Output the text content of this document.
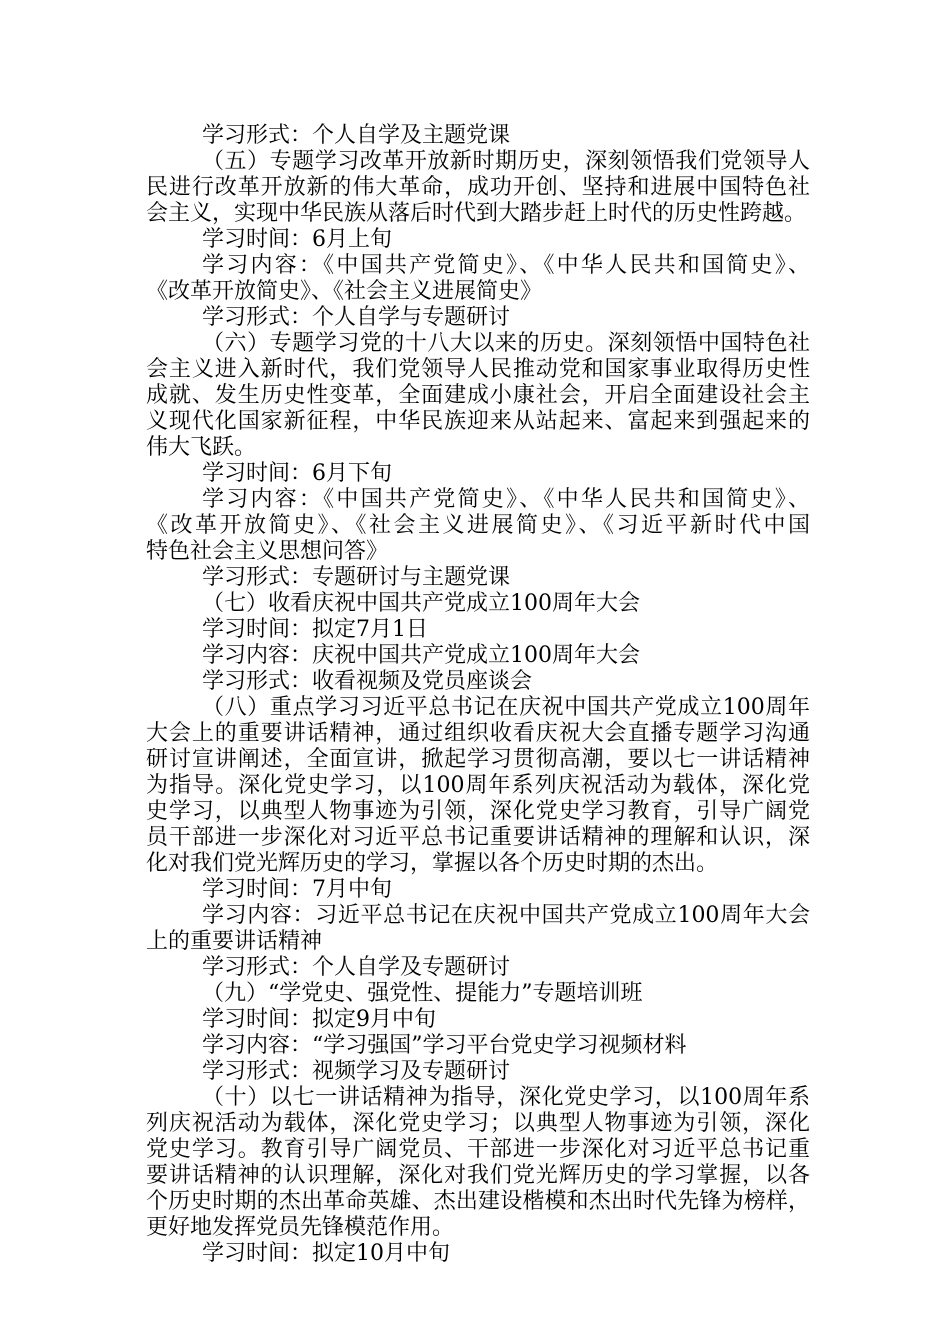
学习形式：个人自学及主题党课
（五）专题学习改革开放新时期历史，深刻领悟我们党领导人
民进行改革开放新的伟大革命，成功开创、坚持和进展中国特色社
会主义，实现中华民族从落后时代到大踏步赶上时代的历史性跨越。
学习时间：6月上旬
学习内容：《中国共产党简史》、《中华人民共和国简史》、
《改革开放简史》、《社会主义进展简史》
学习形式：个人自学与专题研讨
（六）专题学习党的十八大以来的历史。深刻领悟中国特色社
会主义进入新时代，我们党领导人民推动党和国家事业取得历史性
成就、发生历史性变革，全面建成小康社会，开启全面建设社会主
义现代化国家新征程，中华民族迎来从站起来、富起来到强起来的
伟大飞跃。
学习时间：6月下旬
学习内容：《中国共产党简史》、《中华人民共和国简史》、
《改革开放简史》、《社会主义进展简史》、《习近平新时代中国
特色社会主义思想问答》
学习形式：专题研讨与主题党课
（七）收看庆祝中国共产党成立100周年大会
学习时间：拟定7月1日
学习内容：庆祝中国共产党成立100周年大会
学习形式：收看视频及党员座谈会
（八）重点学习习近平总书记在庆祝中国共产党成立100周年
大会上的重要讲话精神，通过组织收看庆祝大会直播专题学习沟通
研讨宣讲阐述，全面宣讲，掀起学习贯彻高潮，要以七一讲话精神
为指导。深化党史学习，以100周年系列庆祝活动为载体，深化党
史学习，以典型人物事迹为引领，深化党史学习教育，引导广阔党
员干部进一步深化对习近平总书记重要讲话精神的理解和认识，深
化对我们党光辉历史的学习，掌握以各个历史时期的杰出。
学习时间：7月中旬
学习内容：习近平总书记在庆祝中国共产党成立100周年大会
上的重要讲话精神
学习形式：个人自学及专题研讨
（九）“学党史、强党性、提能力”专题培训班
学习时间：拟定9月中旬
学习内容：“学习强国”学习平台党史学习视频材料
学习形式：视频学习及专题研讨
（十）以七一讲话精神为指导，深化党史学习，以100周年系
列庆祝活动为载体，深化党史学习；以典型人物事迹为引领，深化
党史学习。教育引导广阔党员、干部进一步深化对习近平总书记重
要讲话精神的认识理解，深化对我们党光辉历史的学习掌握，以各
个历史时期的杰出革命英雄、杰出建设楷模和杰出时代先锋为榜样，
更好地发挥党员先锋模范作用。
学习时间：拟定10月中旬
